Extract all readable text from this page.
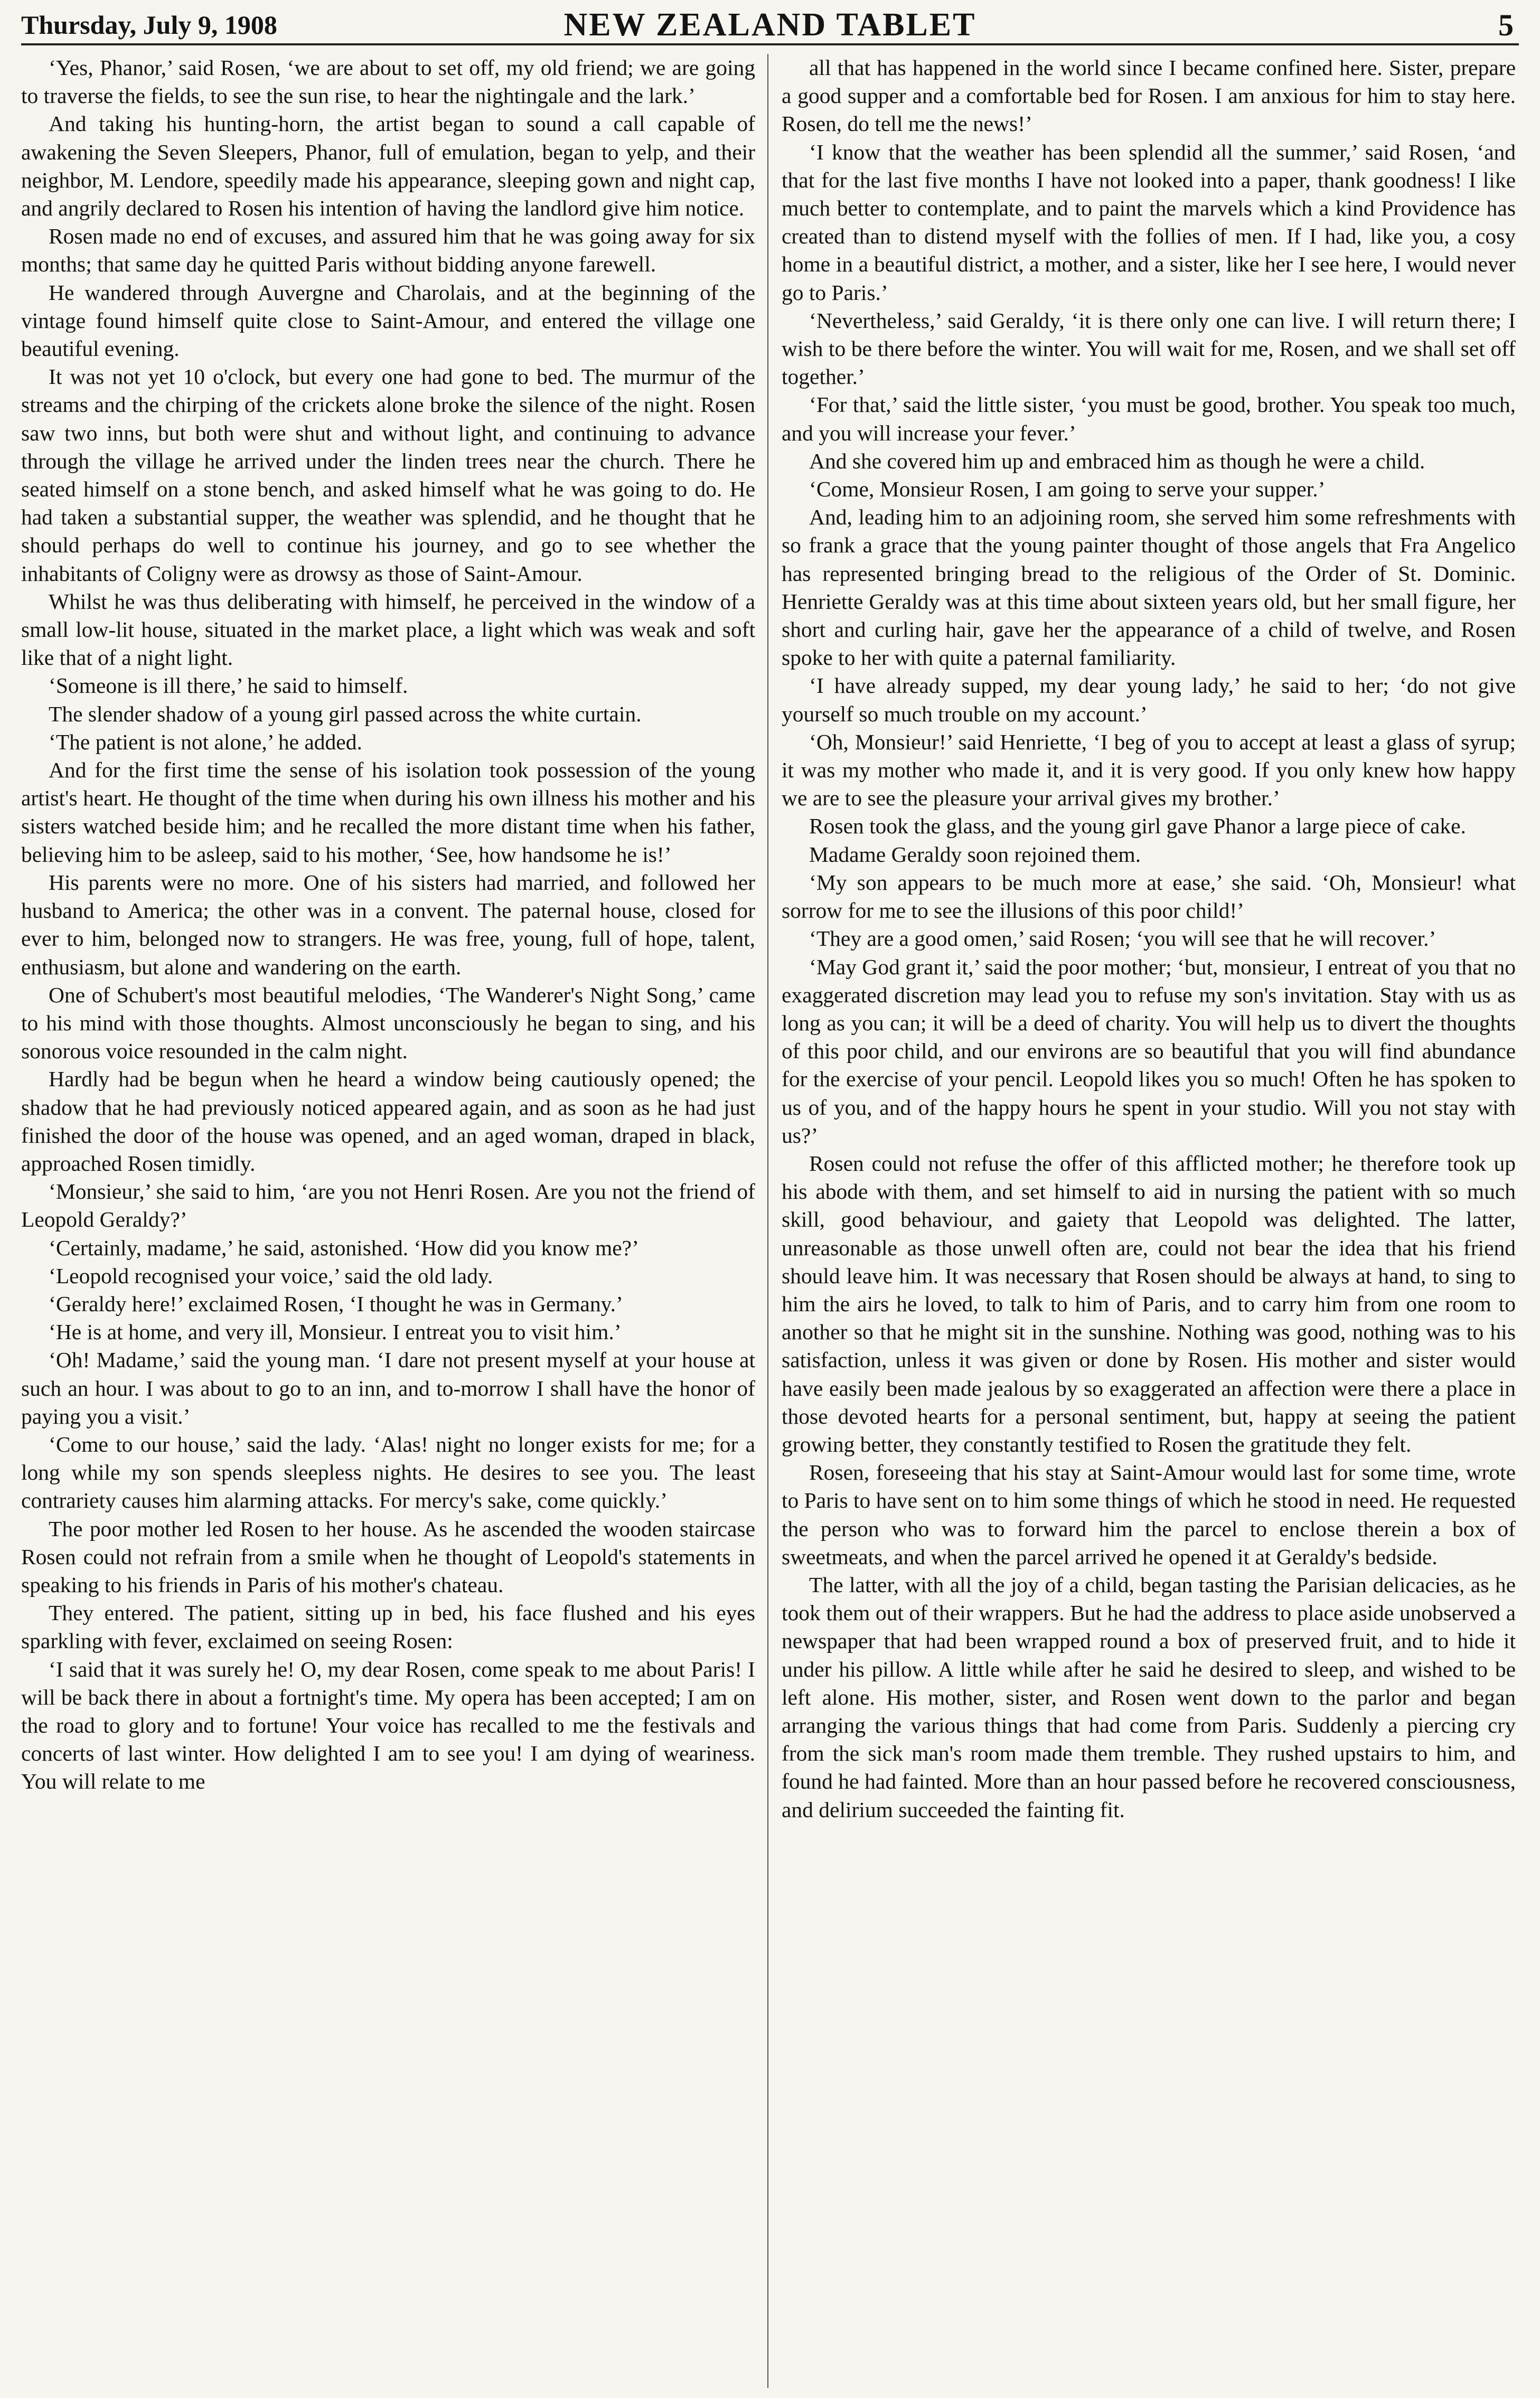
Thursday, July 9, 1908	NEW ZEALAND TABLET	5

‘Yes, Phanor,’ said Rosen, ‘we are about to set off, my old friend; we are going to traverse the fields, to see the sun rise, to hear the nightingale and the lark.’

And taking his hunting-horn, the artist began to sound a call capable of awakening the Seven Sleepers, Phanor, full of emulation, began to yelp, and their neighbor, M. Lendore, speedily made his appearance, sleeping gown and night cap, and angrily declared to Rosen his intention of having the landlord give him notice.

Rosen made no end of excuses, and assured him that he was going away for six months; that same day he quitted Paris without bidding anyone farewell.

He wandered through Auvergne and Charolais, and at the beginning of the vintage found himself quite close to Saint-Amour, and entered the village one beautiful evening.

It was not yet 10 o'clock, but every one had gone to bed. The murmur of the streams and the chirping of the crickets alone broke the silence of the night. Rosen saw two inns, but both were shut and without light, and continuing to advance through the village he arrived under the linden trees near the church. There he seated himself on a stone bench, and asked himself what he was going to do. He had taken a substantial supper, the weather was splendid, and he thought that he should perhaps do well to continue his journey, and go to see whether the inhabitants of Coligny were as drowsy as those of Saint-Amour.

Whilst he was thus deliberating with himself, he perceived in the window of a small low-lit house, situated in the market place, a light which was weak and soft like that of a night light.

‘Someone is ill there,’ he said to himself.

The slender shadow of a young girl passed across the white curtain.

‘The patient is not alone,’ he added.

And for the first time the sense of his isolation took possession of the young artist's heart. He thought of the time when during his own illness his mother and his sisters watched beside him; and he recalled the more distant time when his father, believing him to be asleep, said to his mother, ‘See, how handsome he is!’

His parents were no more. One of his sisters had married, and followed her husband to America; the other was in a convent. The paternal house, closed for ever to him, belonged now to strangers. He was free, young, full of hope, talent, enthusiasm, but alone and wandering on the earth.

One of Schubert's most beautiful melodies, ‘The Wanderer's Night Song,’ came to his mind with those thoughts. Almost unconsciously he began to sing, and his sonorous voice resounded in the calm night.

Hardly had be begun when he heard a window being cautiously opened; the shadow that he had previously noticed appeared again, and as soon as he had just finished the door of the house was opened, and an aged woman, draped in black, approached Rosen timidly.

‘Monsieur,’ she said to him, ‘are you not Henri Rosen. Are you not the friend of Leopold Geraldy?’

‘Certainly, madame,’ he said, astonished. ‘How did you know me?’

‘Leopold recognised your voice,’ said the old lady.

‘Geraldy here!’ exclaimed Rosen, ‘I thought he was in Germany.’

‘He is at home, and very ill, Monsieur. I entreat you to visit him.’

‘Oh! Madame,’ said the young man. ‘I dare not present myself at your house at such an hour. I was about to go to an inn, and to-morrow I shall have the honor of paying you a visit.’

‘Come to our house,’ said the lady. ‘Alas! night no longer exists for me; for a long while my son spends sleepless nights. He desires to see you. The least contrariety causes him alarming attacks. For mercy's sake, come quickly.’

The poor mother led Rosen to her house. As he ascended the wooden staircase Rosen could not refrain from a smile when he thought of Leopold's statements in speaking to his friends in Paris of his mother's chateau.

They entered. The patient, sitting up in bed, his face flushed and his eyes sparkling with fever, exclaimed on seeing Rosen:

‘I said that it was surely he! O, my dear Rosen, come speak to me about Paris! I will be back there in about a fortnight's time. My opera has been accepted; I am on the road to glory and to fortune! Your voice has recalled to me the festivals and concerts of last winter. How delighted I am to see you! I am dying of weariness. You will relate to me

all that has happened in the world since I became confined here. Sister, prepare a good supper and a comfortable bed for Rosen. I am anxious for him to stay here. Rosen, do tell me the news!’

‘I know that the weather has been splendid all the summer,’ said Rosen, ‘and that for the last five months I have not looked into a paper, thank goodness! I like much better to contemplate, and to paint the marvels which a kind Providence has created than to distend myself with the follies of men. If I had, like you, a cosy home in a beautiful district, a mother, and a sister, like her I see here, I would never go to Paris.’

‘Nevertheless,’ said Geraldy, ‘it is there only one can live. I will return there; I wish to be there before the winter. You will wait for me, Rosen, and we shall set off together.’

‘For that,’ said the little sister, ‘you must be good, brother. You speak too much, and you will increase your fever.’

And she covered him up and embraced him as though he were a child.

‘Come, Monsieur Rosen, I am going to serve your supper.’

And, leading him to an adjoining room, she served him some refreshments with so frank a grace that the young painter thought of those angels that Fra Angelico has represented bringing bread to the religious of the Order of St. Dominic. Henriette Geraldy was at this time about sixteen years old, but her small figure, her short and curling hair, gave her the appearance of a child of twelve, and Rosen spoke to her with quite a paternal familiarity.

‘I have already supped, my dear young lady,’ he said to her; ‘do not give yourself so much trouble on my account.’

‘Oh, Monsieur!’ said Henriette, ‘I beg of you to accept at least a glass of syrup; it was my mother who made it, and it is very good. If you only knew how happy we are to see the pleasure your arrival gives my brother.’

Rosen took the glass, and the young girl gave Phanor a large piece of cake.

Madame Geraldy soon rejoined them.

‘My son appears to be much more at ease,’ she said. ‘Oh, Monsieur! what sorrow for me to see the illusions of this poor child!’

‘They are a good omen,’ said Rosen; ‘you will see that he will recover.’

‘May God grant it,’ said the poor mother; ‘but, monsieur, I entreat of you that no exaggerated discretion may lead you to refuse my son's invitation. Stay with us as long as you can; it will be a deed of charity. You will help us to divert the thoughts of this poor child, and our environs are so beautiful that you will find abundance for the exercise of your pencil. Leopold likes you so much! Often he has spoken to us of you, and of the happy hours he spent in your studio. Will you not stay with us?’

Rosen could not refuse the offer of this afflicted mother; he therefore took up his abode with them, and set himself to aid in nursing the patient with so much skill, good behaviour, and gaiety that Leopold was delighted. The latter, unreasonable as those unwell often are, could not bear the idea that his friend should leave him. It was necessary that Rosen should be always at hand, to sing to him the airs he loved, to talk to him of Paris, and to carry him from one room to another so that he might sit in the sunshine. Nothing was good, nothing was to his satisfaction, unless it was given or done by Rosen. His mother and sister would have easily been made jealous by so exaggerated an affection were there a place in those devoted hearts for a personal sentiment, but, happy at seeing the patient growing better, they constantly testified to Rosen the gratitude they felt.

Rosen, foreseeing that his stay at Saint-Amour would last for some time, wrote to Paris to have sent on to him some things of which he stood in need. He requested the person who was to forward him the parcel to enclose therein a box of sweetmeats, and when the parcel arrived he opened it at Geraldy's bedside.

The latter, with all the joy of a child, began tasting the Parisian delicacies, as he took them out of their wrappers. But he had the address to place aside unobserved a newspaper that had been wrapped round a box of preserved fruit, and to hide it under his pillow. A little while after he said he desired to sleep, and wished to be left alone. His mother, sister, and Rosen went down to the parlor and began arranging the various things that had come from Paris. Suddenly a piercing cry from the sick man's room made them tremble. They rushed upstairs to him, and found he had fainted. More than an hour passed before he recovered consciousness, and delirium succeeded the fainting fit.
